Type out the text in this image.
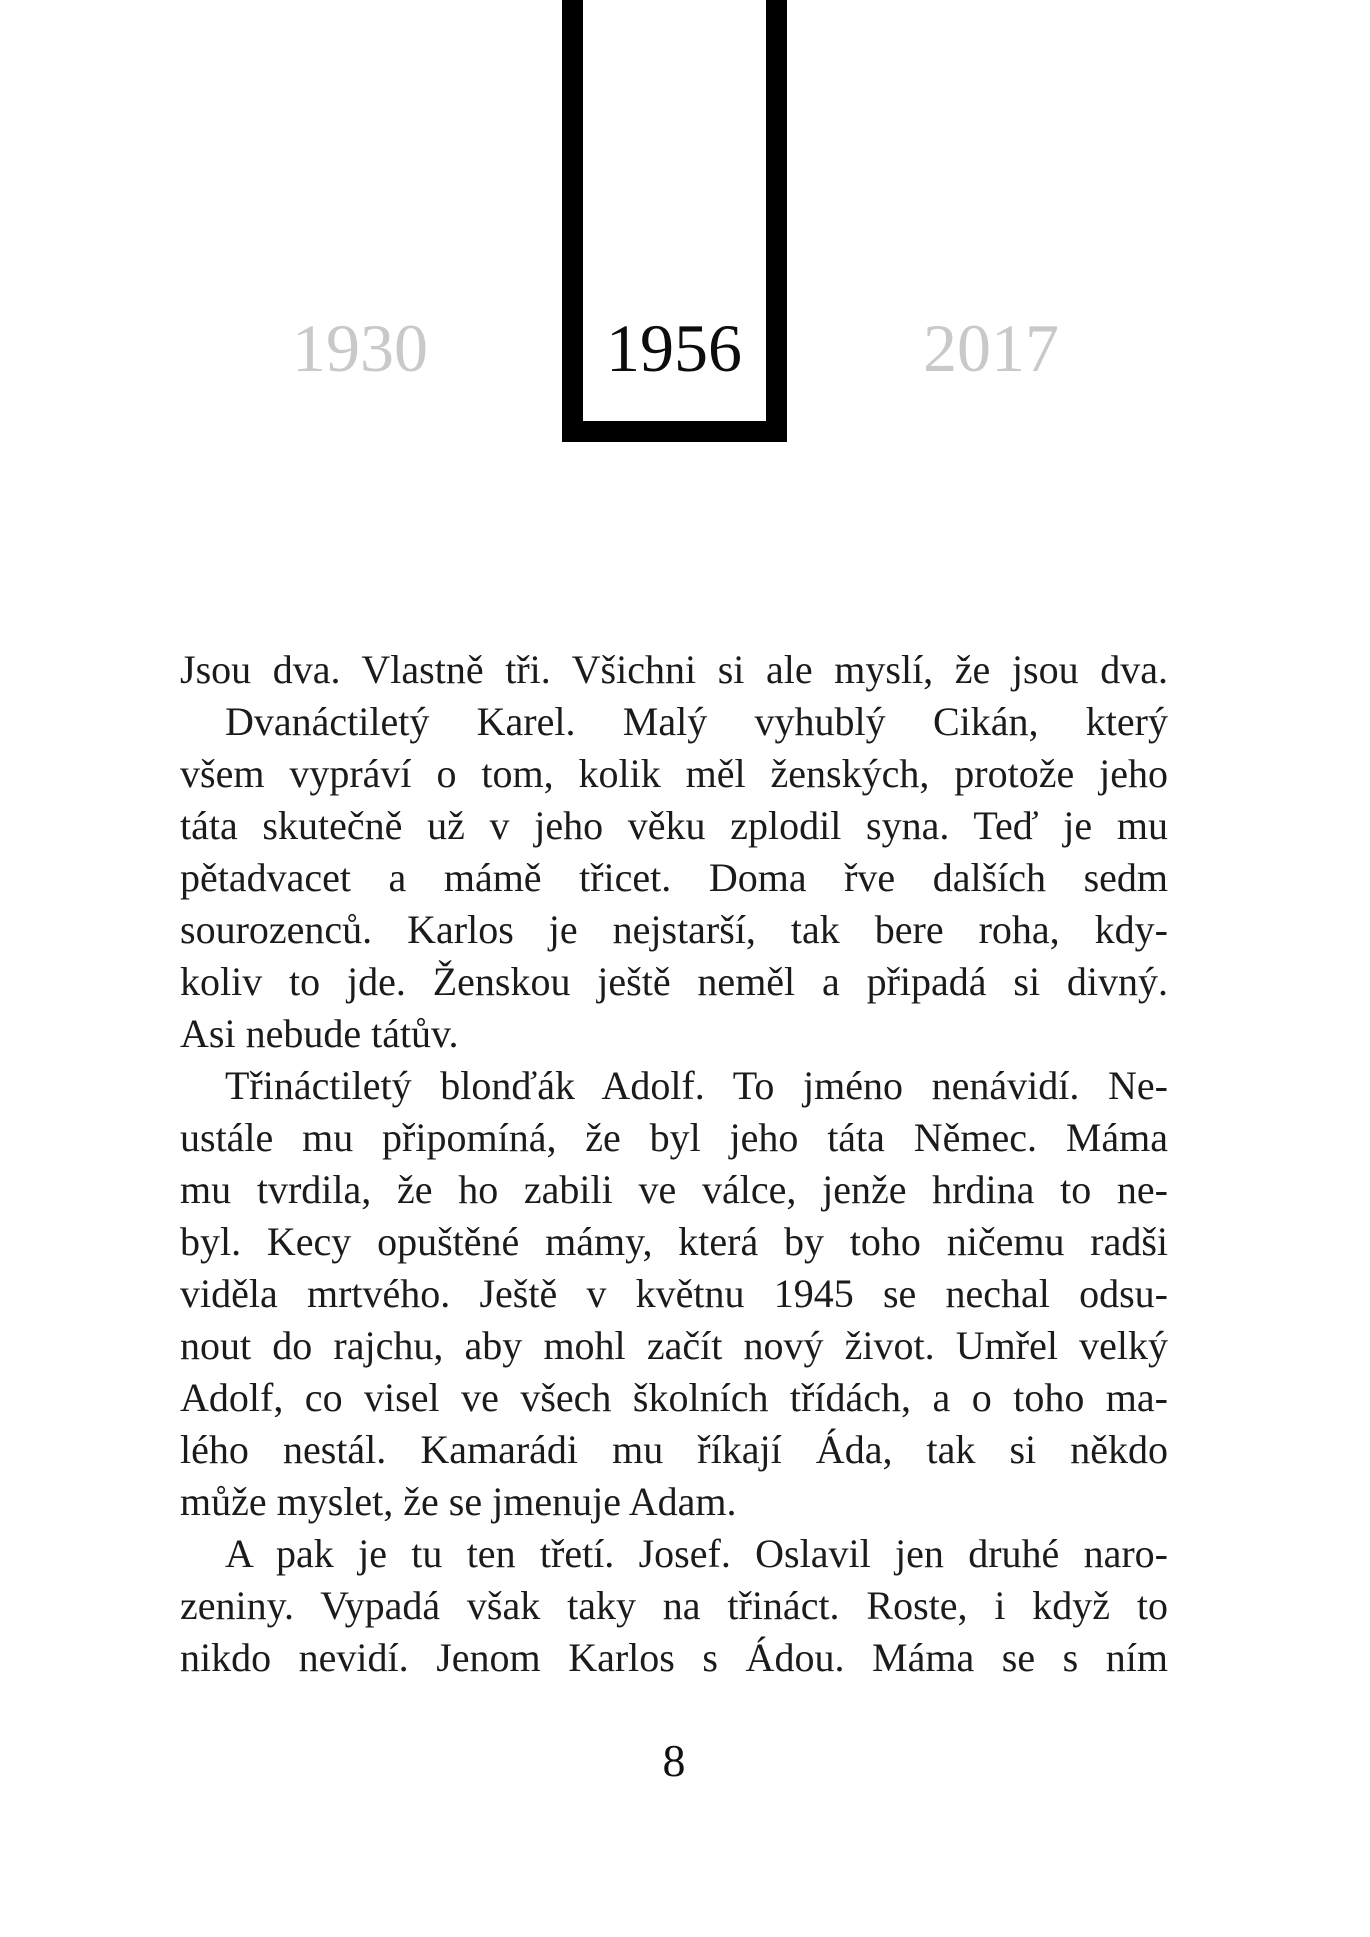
1930	1956	2017
Jsou dva. Vlastně tři. Všichni si ale myslí, že jsou dva.
Dvanáctiletý Karel. Malý vyhublý Cikán, který
všem vypráví o tom, kolik měl ženských, protože jeho
táta skutečně už v jeho věku zplodil syna. Teď je mu
pětadvacet a mámě třicet. Doma řve dalších sedm
sourozenců. Karlos je nejstarší, tak bere roha, kdy-
koliv to jde. Ženskou ještě neměl a připadá si divný.
Asi nebude tátův.
Třináctiletý blonďák Adolf. To jméno nenávidí. Ne-
ustále mu připomíná, že byl jeho táta Němec. Máma
mu tvrdila, že ho zabili ve válce, jenže hrdina to ne-
byl. Kecy opuštěné mámy, která by toho ničemu radši
viděla mrtvého. Ještě v květnu 1945 se nechal odsu-
nout do rajchu, aby mohl začít nový život. Umřel velký
Adolf, co visel ve všech školních třídách, a o toho ma-
lého nestál. Kamarádi mu říkají Áda, tak si někdo
může myslet, že se jmenuje Adam.
A pak je tu ten třetí. Josef. Oslavil jen druhé naro-
zeniny. Vypadá však taky na třináct. Roste, i když to
nikdo nevidí. Jenom Karlos s Ádou. Máma se s ním
8
